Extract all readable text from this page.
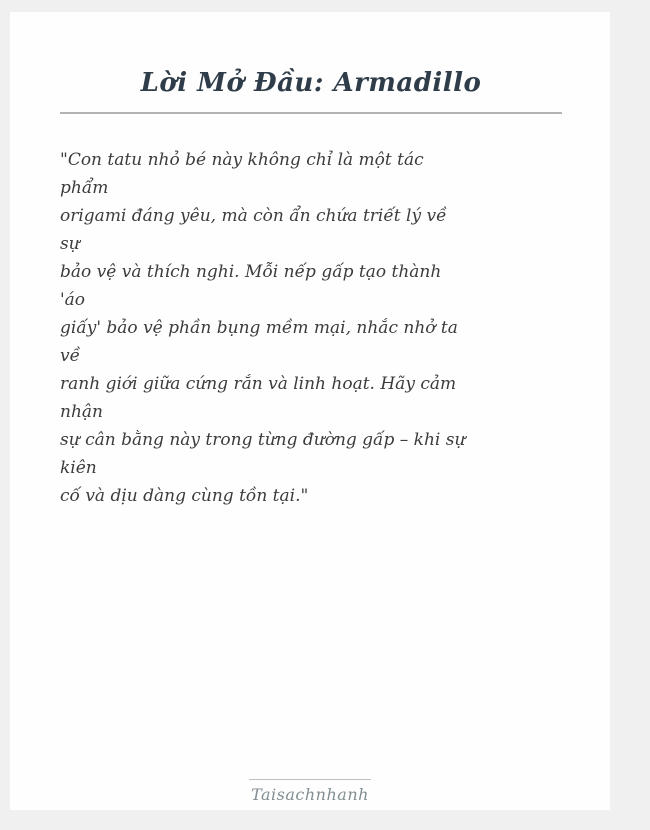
Lời Mở Đầu: Armadillo
"Con tatu nhỏ bé này không chỉ là một tác
phẩm
origami đáng yêu, mà còn ẩn chứa triết lý về
sự
bảo vệ và thích nghi. Mỗi nếp gấp tạo thành
'áo
giấy' bảo vệ phần bụng mềm mại, nhắc nhở ta
về
ranh giới giữa cứng rắn và linh hoạt. Hãy cảm
nhận
sự cân bằng này trong từng đường gấp – khi sự
kiên
cố và dịu dàng cùng tồn tại."
Taisachnhanh
